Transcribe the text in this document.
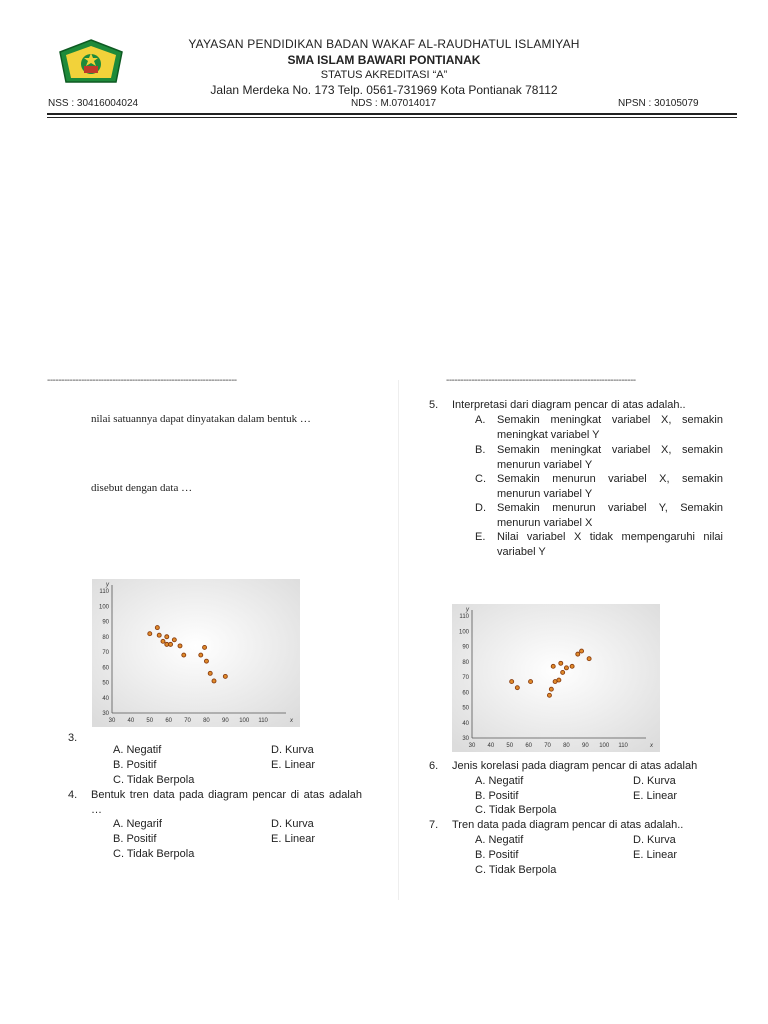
YAYASAN PENDIDIKAN BADAN WAKAF AL-RAUDHATUL ISLAMIYAH
SMA ISLAM BAWARI PONTIANAK
STATUS AKREDITASI “A”
Jalan Merdeka No. 173 Telp. 0561-731969 Kota Pontianak 78112
NSS : 30416004024	NDS : M.07014017	NPSN : 30105079
-------------------------------------------------------------------	-------------------------------------------------------------------
nilai satuannya dapat dinyatakan dalam bentuk …
disebut dengan data …
30 40 50 60 70 80 90 100 110
30
40
50
60
70
80
90
100
110
x
y
3.
A. Negatif
B. Positif
C. Tidak Berpola
D. Kurva
E. Linear
4. Bentuk tren data pada diagram pencar di atas adalah …
A. Negarif
B. Positif
C. Tidak Berpola
D. Kurva
E. Linear
5. Interpretasi dari diagram pencar di atas adalah..
A. Semakin meningkat variabel X, semakin meningkat variabel Y
B. Semakin meningkat variabel X, semakin menurun variabel Y
C. Semakin menurun variabel X, semakin menurun variabel Y
D. Semakin menurun variabel Y, Semakin menurun variabel X
E. Nilai variabel X tidak mempengaruhi nilai variabel Y
30 40 50 60 70 80 90 100 110
30
40
50
60
70
80
90
100
110
x
y
6. Jenis korelasi pada diagram pencar di atas adalah
A. Negatif
B. Positif
C. Tidak Berpola
D. Kurva
E. Linear
7. Tren data pada diagram pencar di atas adalah..
A. Negatif
B. Positif
C. Tidak Berpola
D. Kurva
E. Linear
